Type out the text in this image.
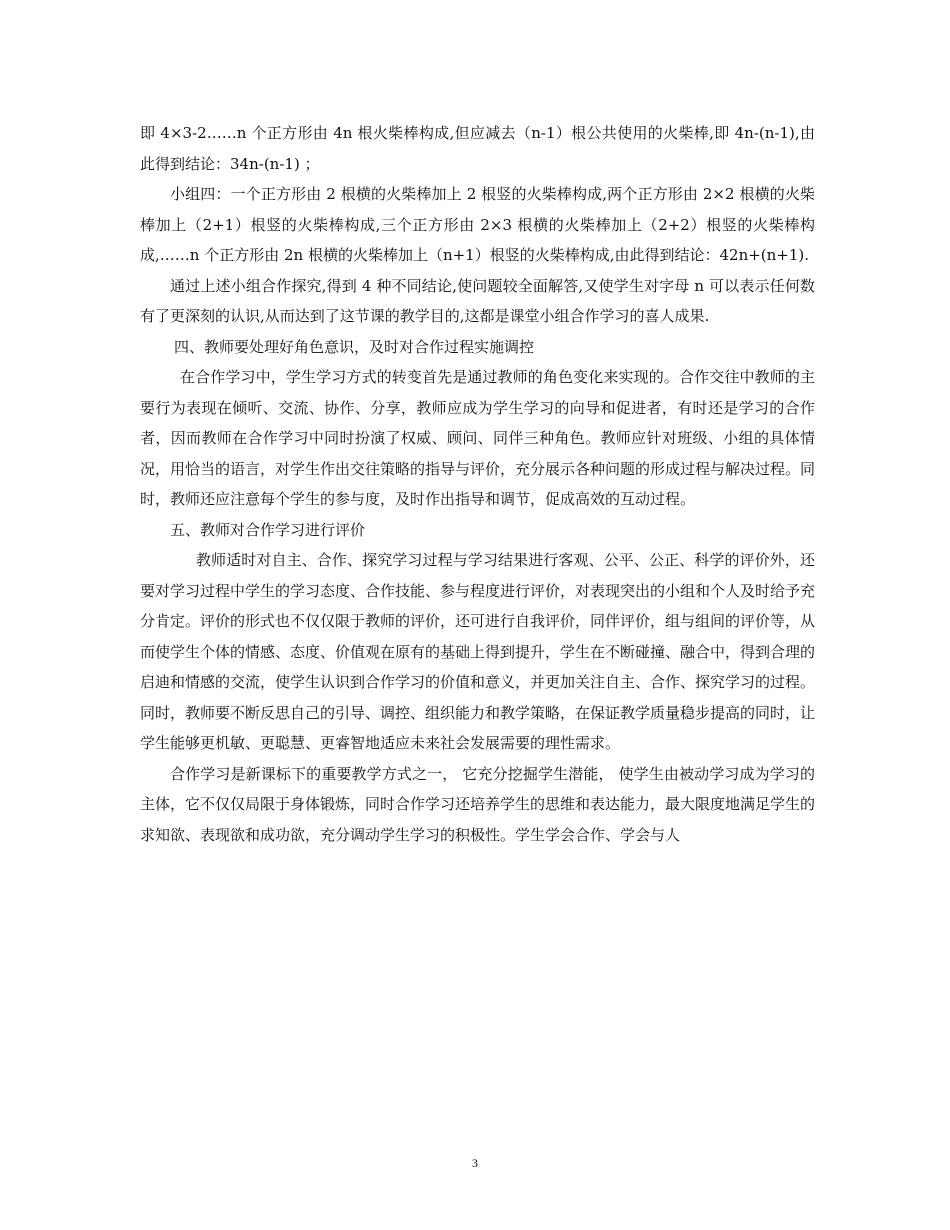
即 4×3-2……n 个正方形由 4n 根火柴棒构成,但应减去（n-1）根公共使用的火柴棒,即 4n-(n-1),由此得到结论：34n-(n-1) ；

小组四：一个正方形由 2 根横的火柴棒加上 2 根竖的火柴棒构成,两个正方形由 2×2 根横的火柴棒加上（2+1）根竖的火柴棒构成,三个正方形由 2×3 根横的火柴棒加上（2+2）根竖的火柴棒构成,……n 个正方形由 2n 根横的火柴棒加上（n+1）根竖的火柴棒构成,由此得到结论：42n+(n+1).

通过上述小组合作探究,得到 4 种不同结论,使问题较全面解答,又使学生对字母 n 可以表示任何数有了更深刻的认识,从而达到了这节课的教学目的,这都是课堂小组合作学习的喜人成果.

四、教师要处理好角色意识，及时对合作过程实施调控

在合作学习中，学生学习方式的转变首先是通过教师的角色变化来实现的。合作交往中教师的主要行为表现在倾听、交流、协作、分享，教师应成为学生学习的向导和促进者，有时还是学习的合作者，因而教师在合作学习中同时扮演了权威、顾问、同伴三种角色。教师应针对班级、小组的具体情况，用恰当的语言，对学生作出交往策略的指导与评价，充分展示各种问题的形成过程与解决过程。同时，教师还应注意每个学生的参与度，及时作出指导和调节，促成高效的互动过程。

五、教师对合作学习进行评价

教师适时对自主、合作、探究学习过程与学习结果进行客观、公平、公正、科学的评价外，还要对学习过程中学生的学习态度、合作技能、参与程度进行评价，对表现突出的小组和个人及时给予充分肯定。评价的形式也不仅仅限于教师的评价，还可进行自我评价，同伴评价，组与组间的评价等，从而使学生个体的情感、态度、价值观在原有的基础上得到提升，学生在不断碰撞、融合中，得到合理的启迪和情感的交流，使学生认识到合作学习的价值和意义，并更加关注自主、合作、探究学习的过程。同时，教师要不断反思自己的引导、调控、组织能力和教学策略，在保证教学质量稳步提高的同时，让学生能够更机敏、更聪慧、更睿智地适应未来社会发展需要的理性需求。

合作学习是新课标下的重要教学方式之一， 它充分挖掘学生潜能， 使学生由被动学习成为学习的主体，它不仅仅局限于身体锻炼，同时合作学习还培养学生的思维和表达能力，最大限度地满足学生的求知欲、表现欲和成功欲，充分调动学生学习的积极性。学生学会合作、学会与人

3
